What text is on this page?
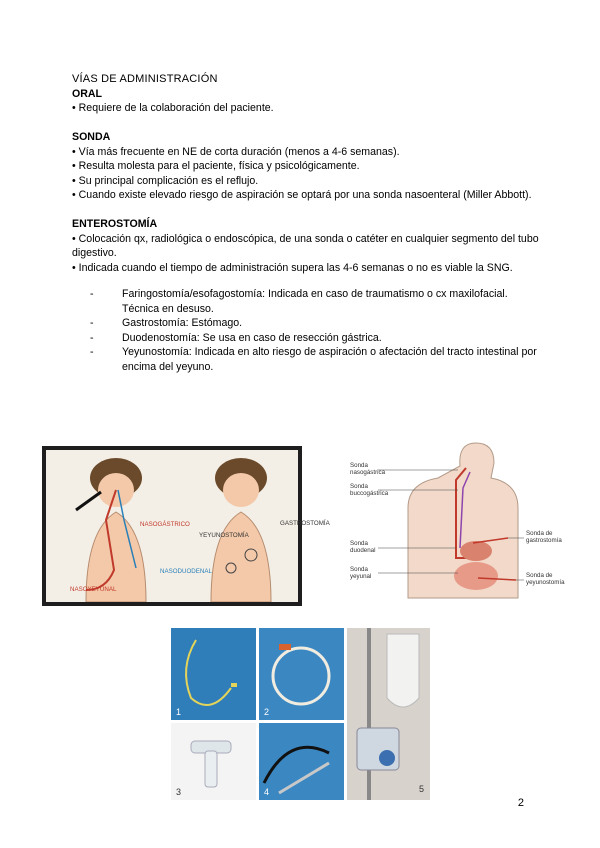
VÍAS DE ADMINISTRACIÓN
ORAL
• Requiere de la colaboración del paciente.
SONDA
• Vía más frecuente en NE de corta duración (menos a 4-6 semanas).
• Resulta molesta para el paciente, física y psicológicamente.
• Su principal complicación es el reflujo.
• Cuando existe elevado riesgo de aspiración se optará por una sonda nasoenteral (Miller Abbott).
ENTEROSTOMÍA
• Colocación qx, radiológica o endoscópica, de una sonda o catéter en cualquier segmento del tubo digestivo.
• Indicada cuando el tiempo de administración supera las 4-6 semanas o no es viable la SNG.
- Faringostomía/esofagostomía: Indicada en caso de traumatismo o cx maxilofacial. Técnica en desuso.
- Gastrostomía: Estómago.
- Duodenostomía: Se usa en caso de resección gástrica.
- Yeyunostomía: Indicada en alto riesgo de aspiración o afectación del tracto intestinal por encima del yeyuno.
NASOGÁSTRICO
NASOYEYUNAL
NASODUODENAL
YEYUNOSTOMÍA
GASTROSTOMÍA
Sonda nasogástrica
Sonda buccogástrica
Sonda duodenal
Sonda yeyunal
Sonda de gastrostomía
Sonda de yeyunostomía
1	2
3	4	5
2
